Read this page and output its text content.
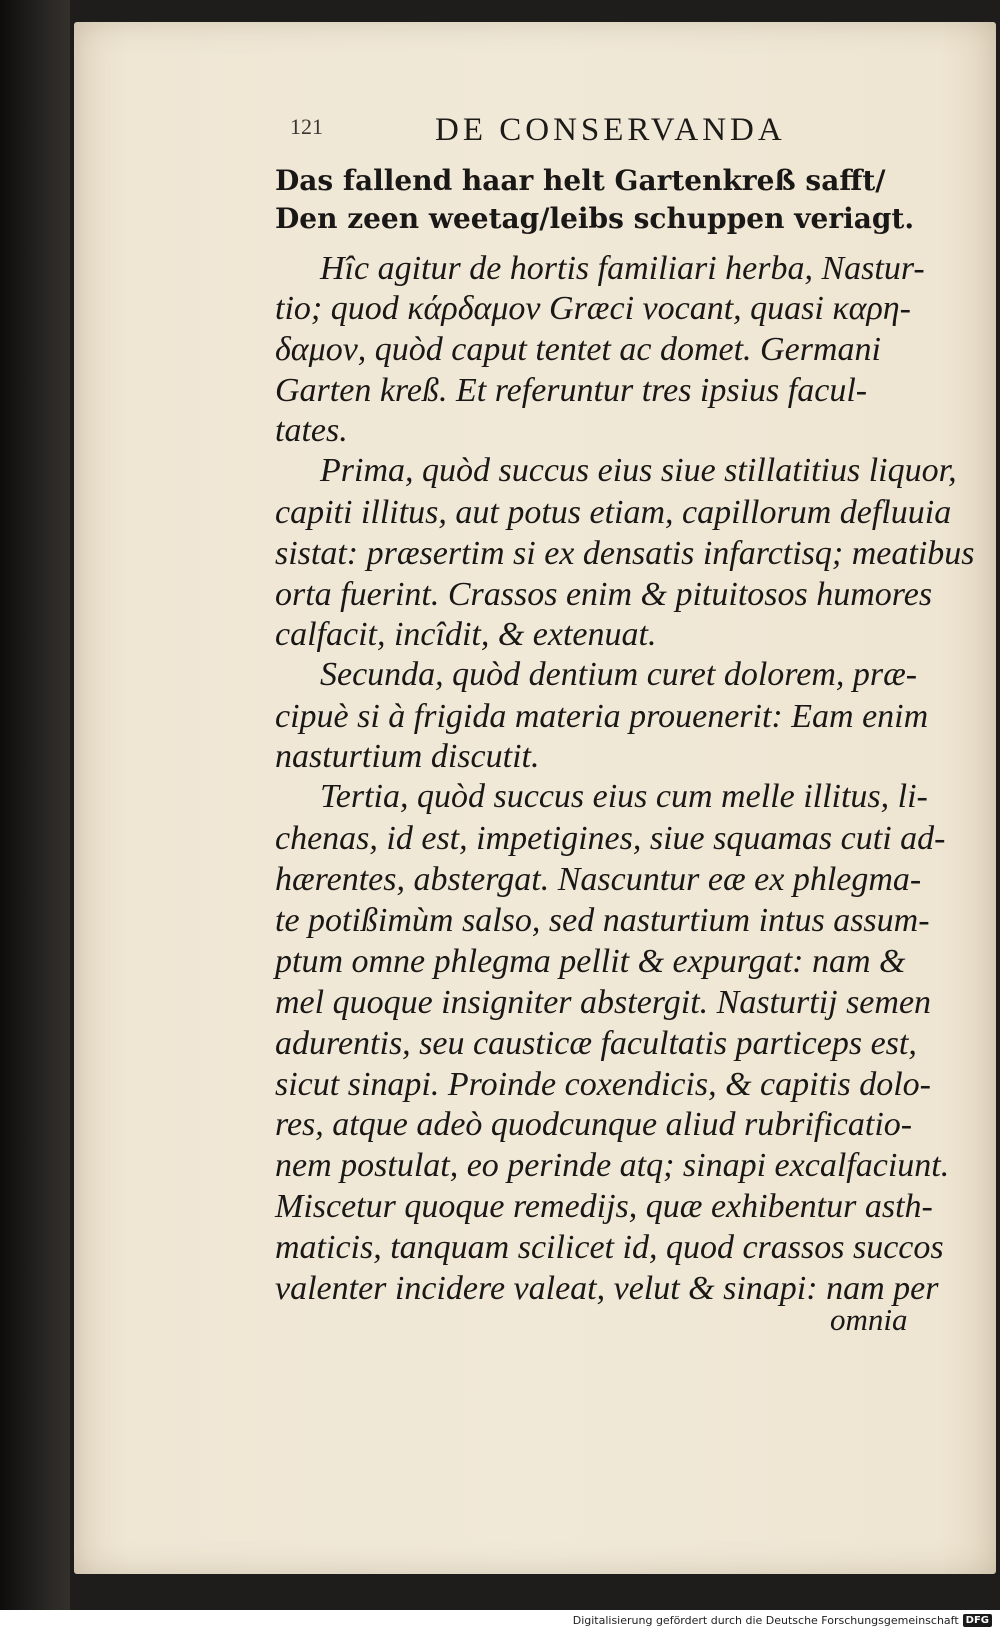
121	DE CONSERVANDA
Das fallend haar helt Gartenkreß safft/
Den zeen weetag/leibs schuppen veriagt.
Hîc agitur de hortis familiari herba, Nastur-
tio; quod κάρδαμον Græci vocant, quasi καρη-
δαμον, quòd caput tentet ac domet. Germani
Garten kreß. Et referuntur tres ipsius facul-
tates.
Prima, quòd succus eius siue stillatitius liquor,
capiti illitus, aut potus etiam, capillorum defluuia
sistat: præsertim si ex densatis infarctisq; meatibus
orta fuerint. Crassos enim & pituitosos humores
calfacit, incîdit, & extenuat.
Secunda, quòd dentium curet dolorem, præ-
cipuè si à frigida materia prouenerit: Eam enim
nasturtium discutit.
Tertia, quòd succus eius cum melle illitus, li-
chenas, id est, impetigines, siue squamas cuti ad-
hærentes, abstergat. Nascuntur eæ ex phlegma-
te potißimùm salso, sed nasturtium intus assum-
ptum omne phlegma pellit & expurgat: nam &
mel quoque insigniter abstergit. Nasturtij semen
adurentis, seu causticæ facultatis particeps est,
sicut sinapi. Proinde coxendicis, & capitis dolo-
res, atque adeò quodcunque aliud rubrificatio-
nem postulat, eo perinde atq; sinapi excalfaciunt.
Miscetur quoque remedijs, quæ exhibentur asth-
maticis, tanquam scilicet id, quod crassos succos
valenter incidere valeat, velut & sinapi: nam per
omnia
Digitalisierung gefördert durch die Deutsche Forschungsgemeinschaft DFG
